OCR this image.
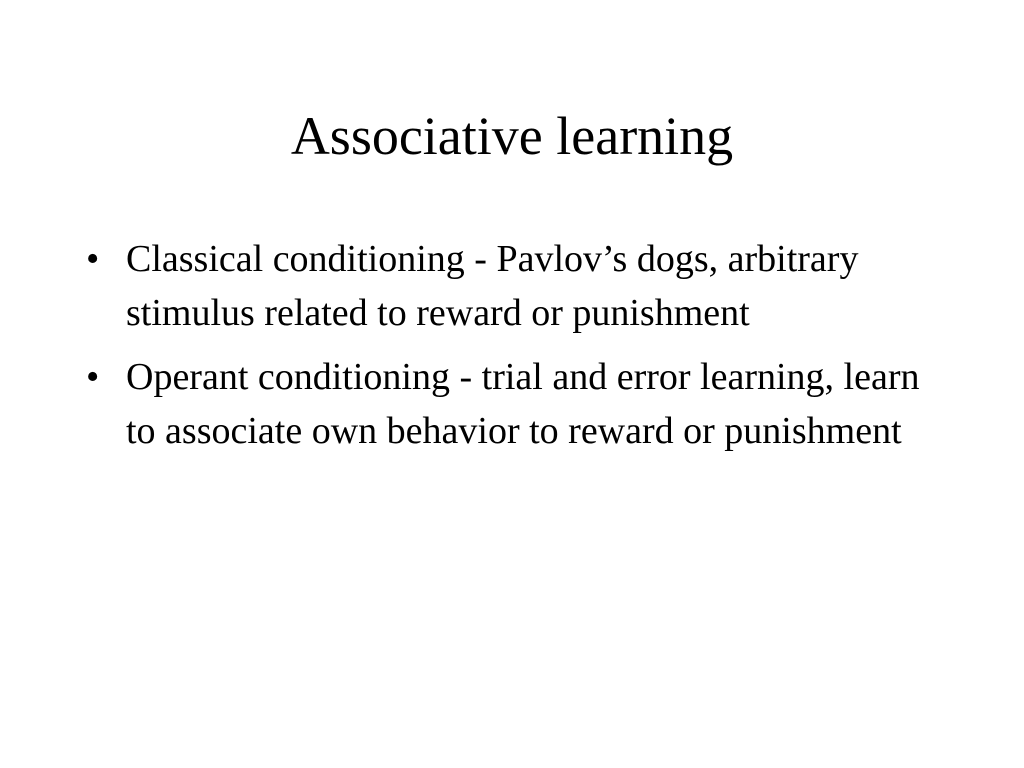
Associative learning
• Classical conditioning - Pavlov’s dogs, arbitrary stimulus related to reward or punishment
• Operant conditioning - trial and error learning, learn to associate own behavior to reward or punishment
